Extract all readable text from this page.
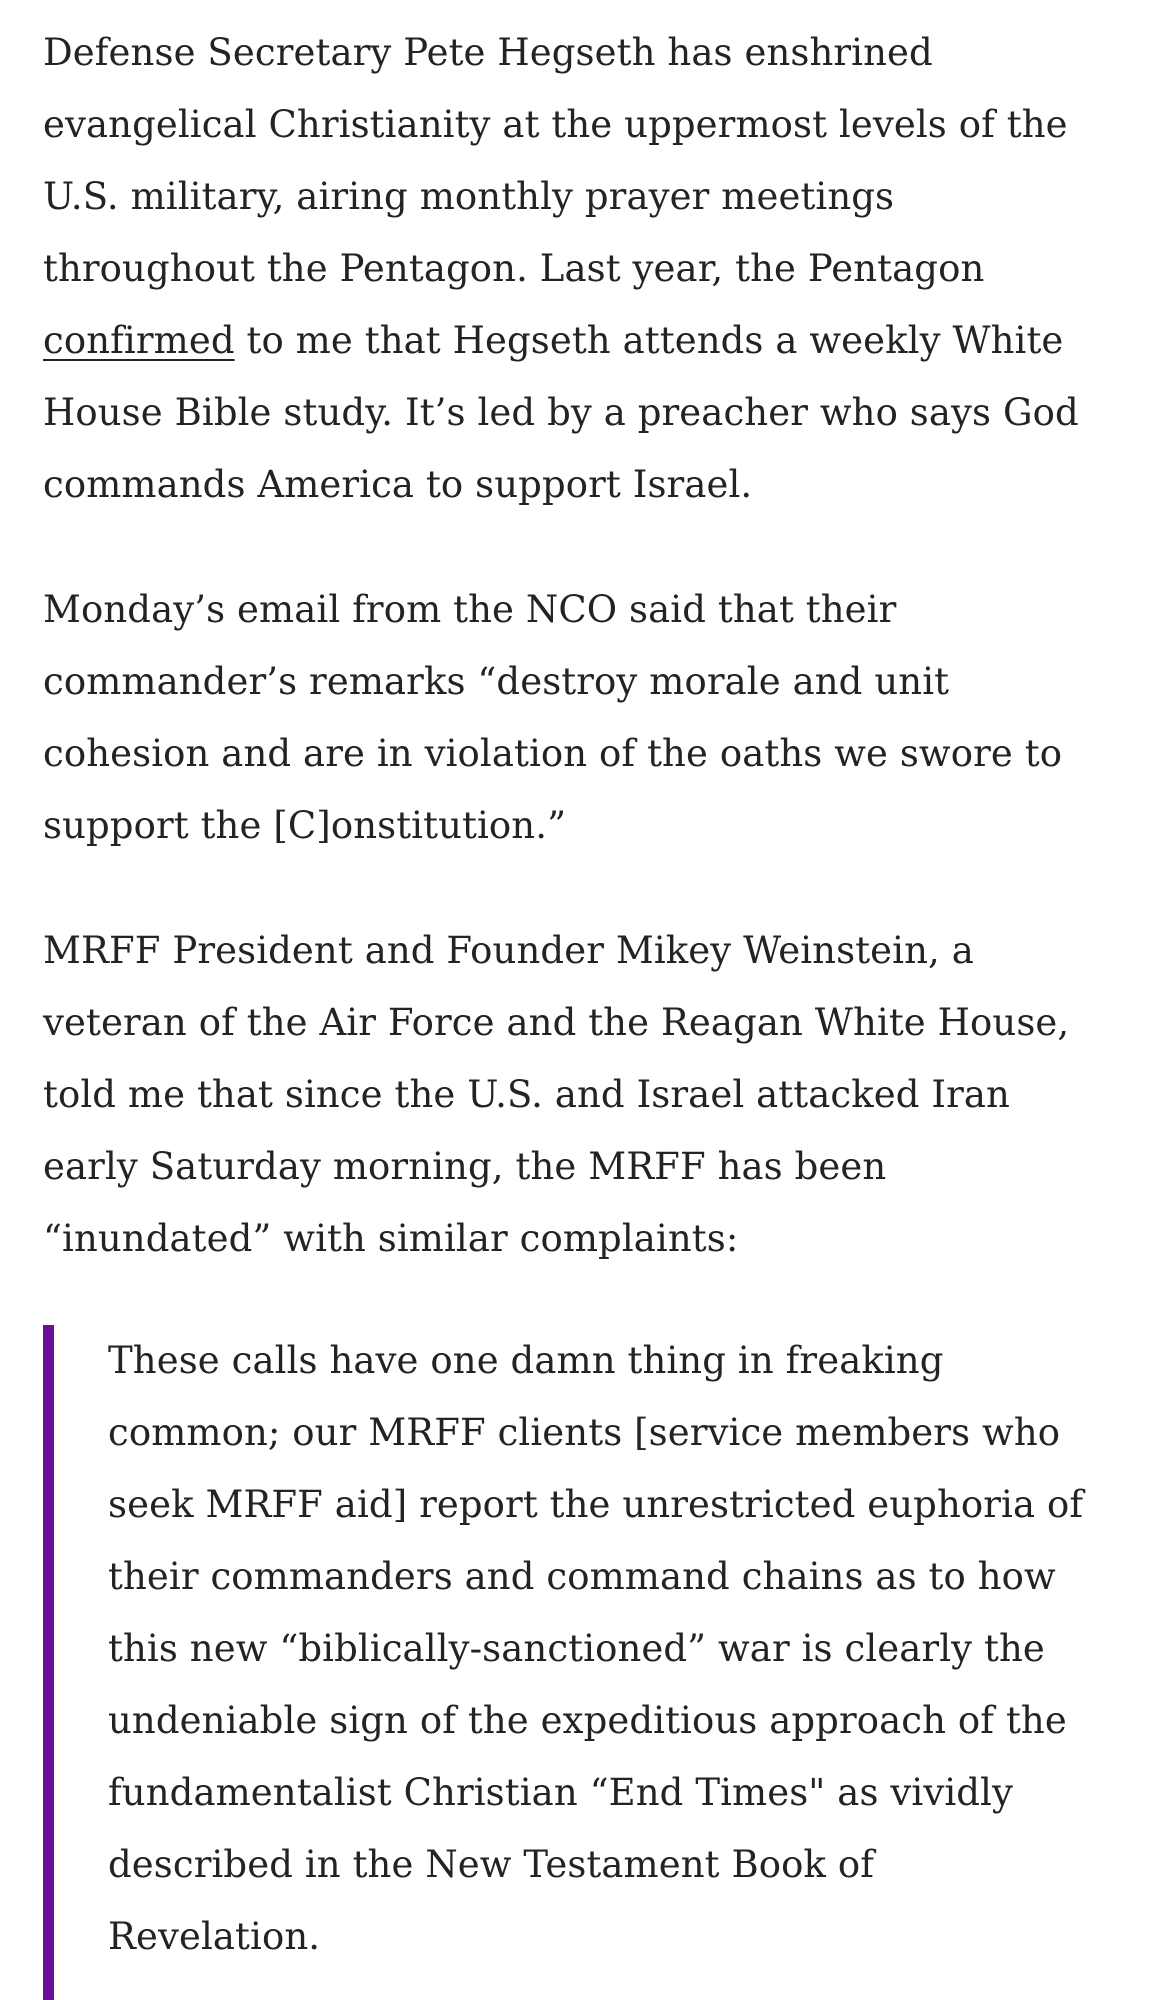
Defense Secretary Pete Hegseth has enshrined
evangelical Christianity at the uppermost levels of the
U.S. military, airing monthly prayer meetings
throughout the Pentagon. Last year, the Pentagon
confirmed to me that Hegseth attends a weekly White
House Bible study. It’s led by a preacher who says God
commands America to support Israel.

Monday’s email from the NCO said that their
commander’s remarks “destroy morale and unit
cohesion and are in violation of the oaths we swore to
support the [C]onstitution.”

MRFF President and Founder Mikey Weinstein, a
veteran of the Air Force and the Reagan White House,
told me that since the U.S. and Israel attacked Iran
early Saturday morning, the MRFF has been
“inundated” with similar complaints:

These calls have one damn thing in freaking
common; our MRFF clients [service members who
seek MRFF aid] report the unrestricted euphoria of
their commanders and command chains as to how
this new “biblically-sanctioned” war is clearly the
undeniable sign of the expeditious approach of the
fundamentalist Christian “End Times" as vividly
described in the New Testament Book of
Revelation.
